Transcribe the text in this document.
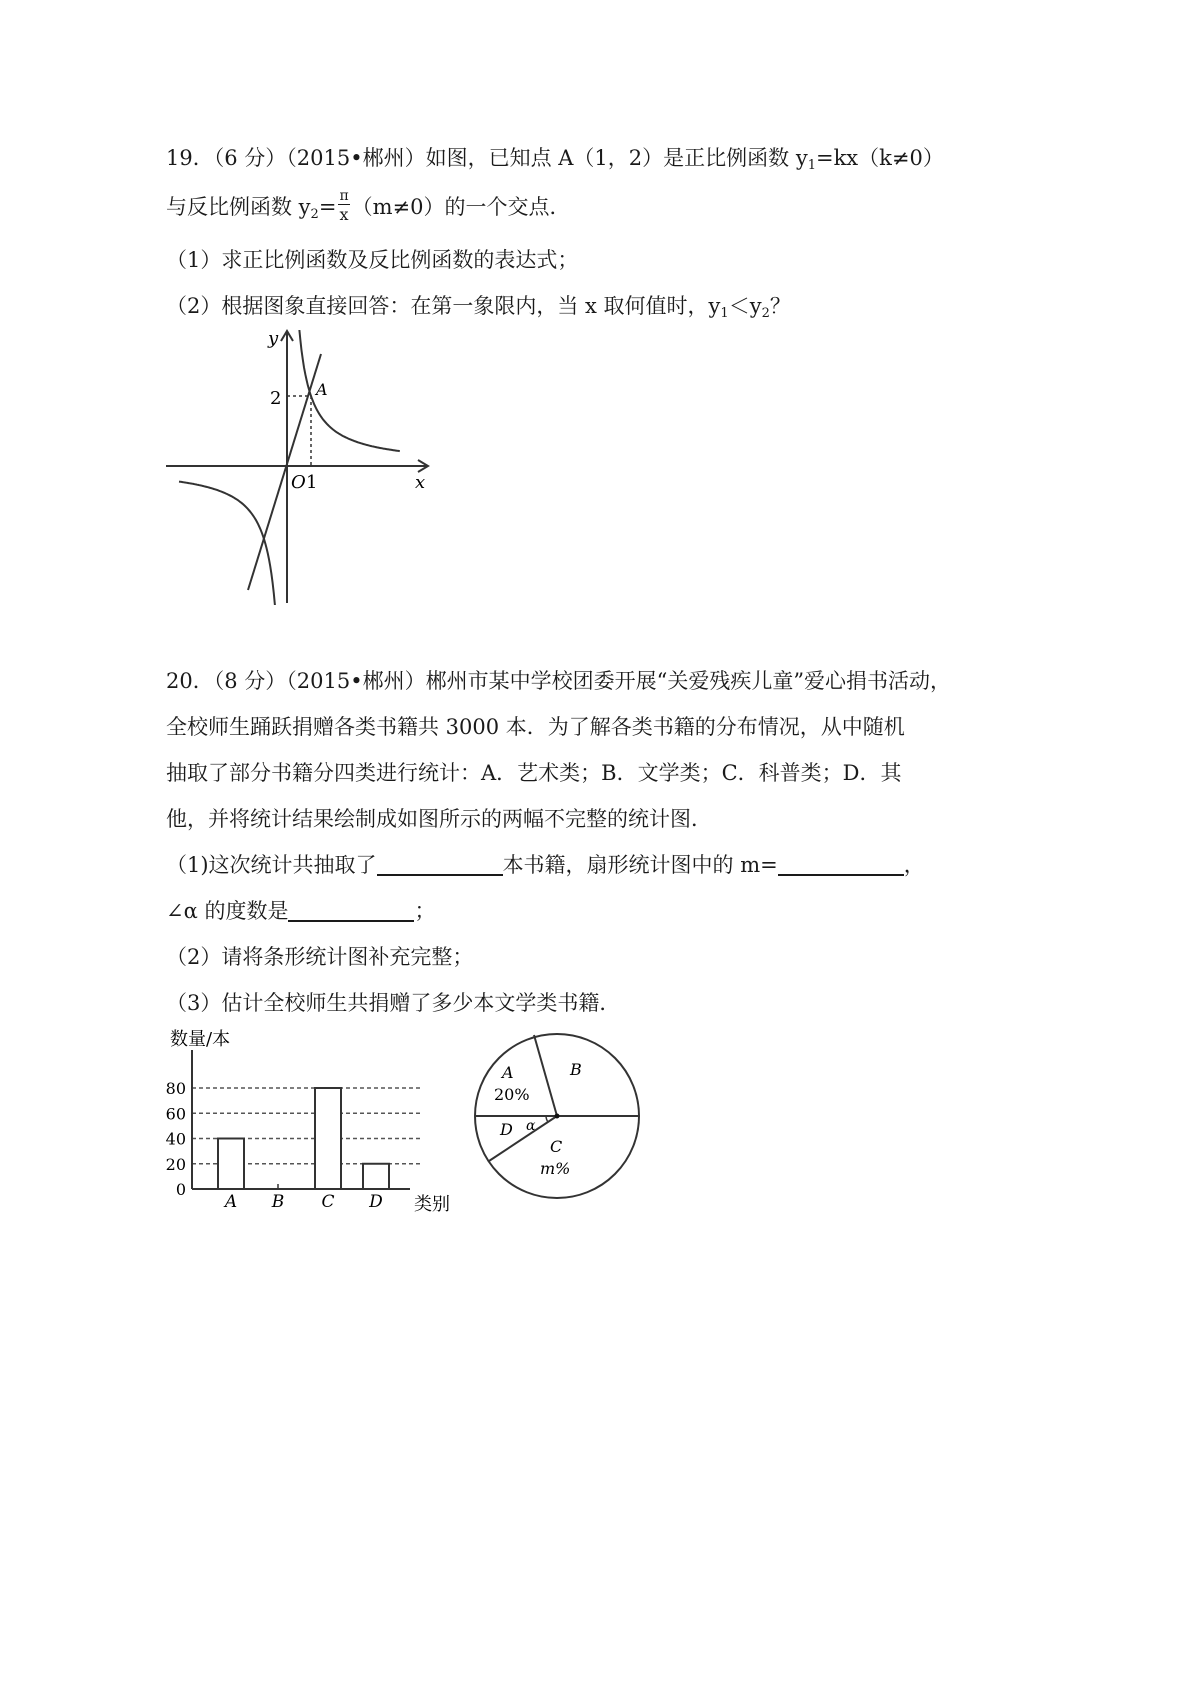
19．（6 分）（2015•郴州）如图，已知点 A（1，2）是正比例函数 $y_1=kx(k\ne 0)$
与反比例函数 $y_2= \frac{\pi}{x} (m\ne 0)$的一个交点．
（1）求正比例函数及反比例函数的表达式；
（2）根据图象直接回答：在第一象限内，当 x 取何值时，$y_1<y_2$？
y
x
O 1
2 A
20．（8 分）（2015•郴州）郴州市某中学校团委开展“关爱残疾儿童”爱心捐书活动，
全校师生踊跃捐赠各类书籍共 3000 本．为了解各类书籍的分布情况，从中随机
抽取了部分书籍分四类进行统计：A．艺术类；B．文学类；C．科普类；D．其
他，并将统计结果绘制成如图所示的两幅不完整的统计图．
（1)这次统计共抽取了	本书籍，扇形统计图中的 m=	，
∠α 的度数是	；
（2）请将条形统计图补充完整；
（3）估计全校师生共捐赠了多少本文学类书籍．
数量/本
类别
0
20
40
60
80
A B C D
A
20%
B
C
m%
D α
